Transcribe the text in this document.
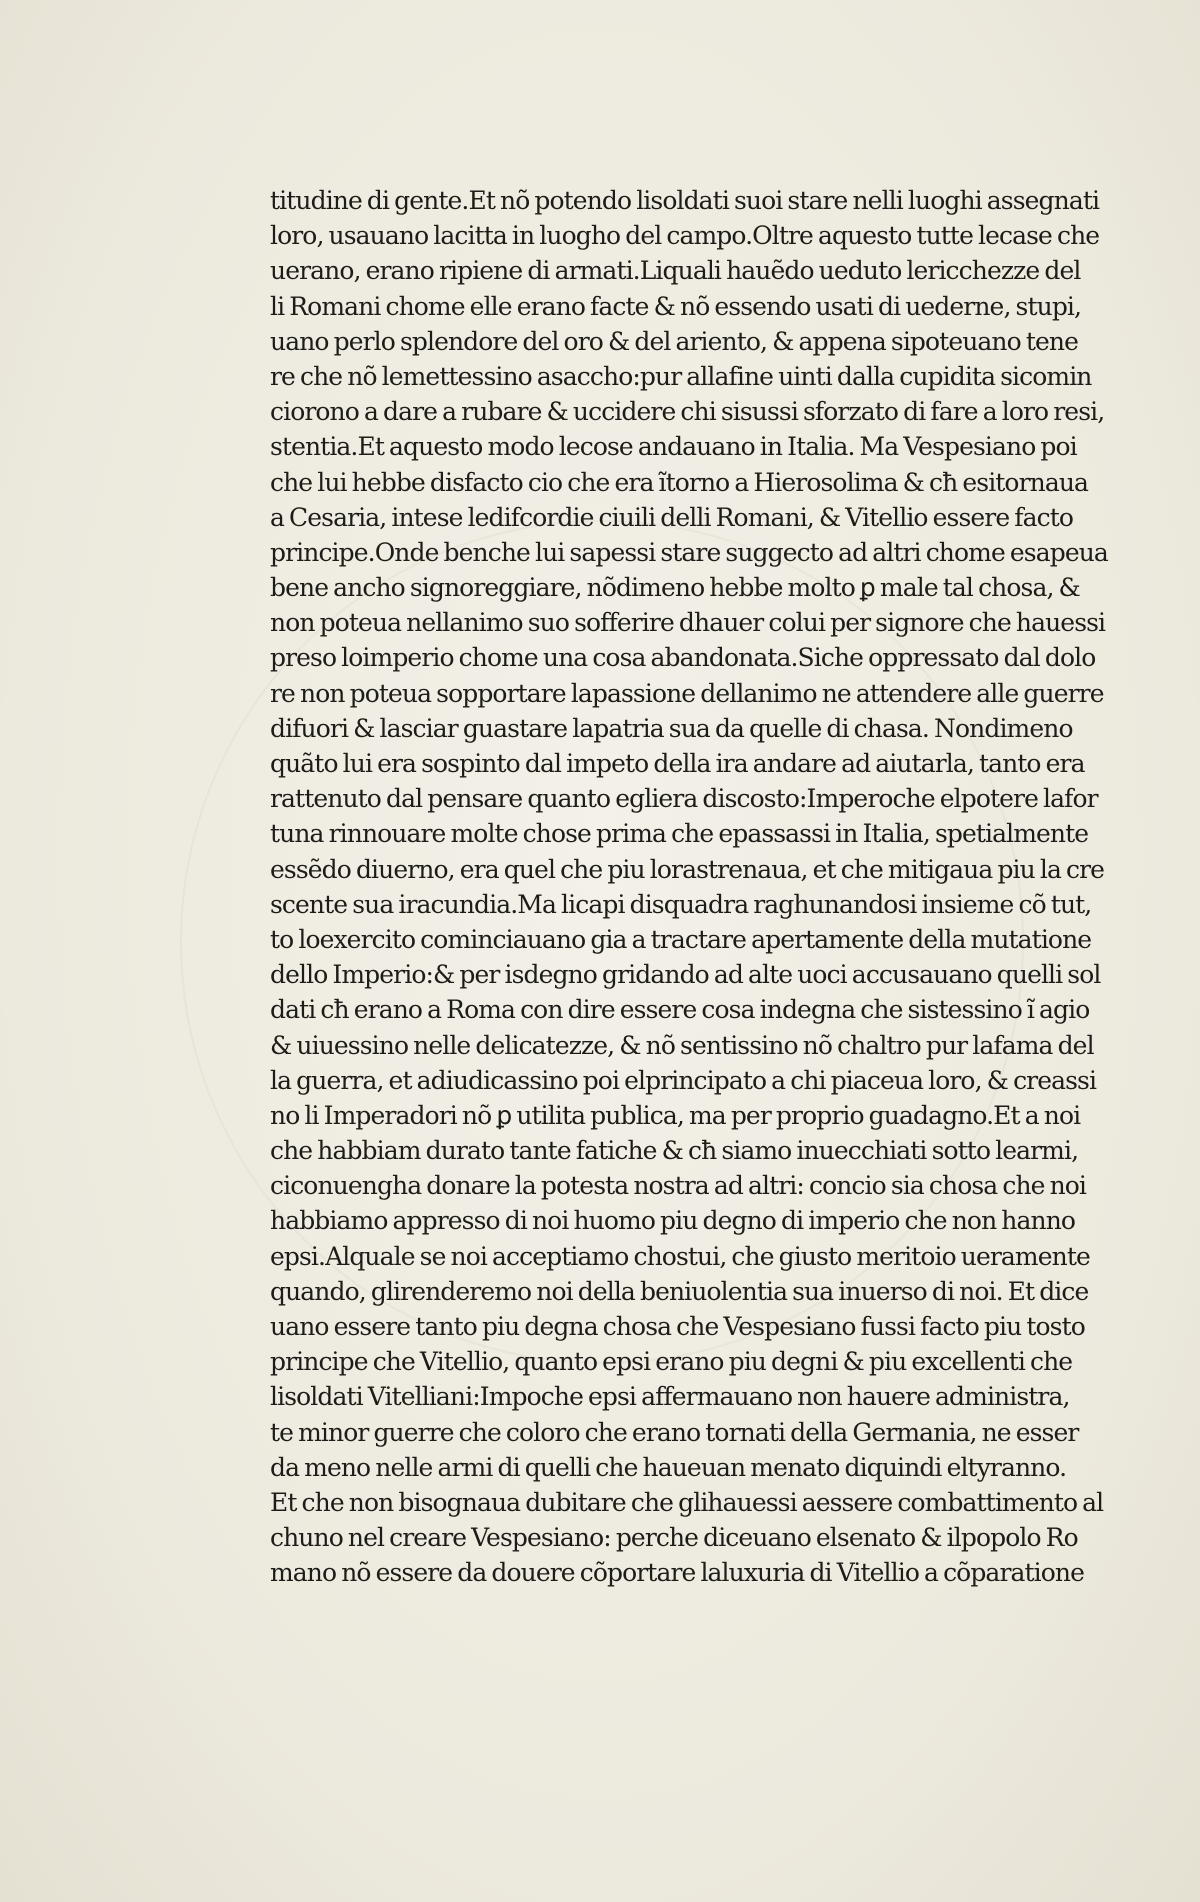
titudine di gente.Et nõ potendo lisoldati suoi stare nelli luoghi assegnati
loro, usauano lacitta in luogho del campo.Oltre aquesto tutte lecase che
uerano, erano ripiene di armati.Liquali hauẽdo ueduto lericchezze del
li Romani chome elle erano facte & nõ essendo usati di uederne, stupi,
uano perlo splendore del oro & del ariento, & appena sipoteuano tene
re che nõ lemettessino asaccho:pur allafine uinti dalla cupidita sicomin
ciorono a dare a rubare & uccidere chi sisussi sforzato di fare a loro resi,
stentia.Et aquesto modo lecose andauano in Italia. Ma Vespesiano poi
che lui hebbe disfacto cio che era ĩtorno a Hierosolima & cħ esitornaua
a Cesaria, intese ledifcordie ciuili delli Romani, & Vitellio essere facto
principe.Onde benche lui sapessi stare suggecto ad altri chome esapeua
bene ancho signoreggiare, nõdimeno hebbe molto ꝑ male tal chosa, &
non poteua nellanimo suo sofferire dhauer colui per signore che hauessi
preso loimperio chome una cosa abandonata.Siche oppressato dal dolo
re non poteua sopportare lapassione dellanimo ne attendere alle guerre
difuori & lasciar guastare lapatria sua da quelle di chasa. Nondimeno
quãto lui era sospinto dal impeto della ira andare ad aiutarla, tanto era
rattenuto dal pensare quanto egliera discosto:Imperoche elpotere lafor
tuna rinnouare molte chose prima che epassassi in Italia, spetialmente
essẽdo diuerno, era quel che piu lorastrenaua, et che mitigaua piu la cre
scente sua iracundia.Ma licapi disquadra raghunandosi insieme cõ tut,
to loexercito cominciauano gia a tractare apertamente della mutatione
dello Imperio:& per isdegno gridando ad alte uoci accusauano quelli sol
dati cħ erano a Roma con dire essere cosa indegna che sistessino ĩ agio
& uiuessino nelle delicatezze, & nõ sentissino nõ chaltro pur lafama del
la guerra, et adiudicassino poi elprincipato a chi piaceua loro, & creassi
no li Imperadori nõ ꝑ utilita publica, ma per proprio guadagno.Et a noi
che habbiam durato tante fatiche & cħ siamo inuecchiati sotto learmi,
ciconuengha donare la potesta nostra ad altri: concio sia chosa che noi
habbiamo appresso di noi huomo piu degno di imperio che non hanno
epsi.Alquale se noi acceptiamo chostui, che giusto meritoio ueramente
quando, glirenderemo noi della beniuolentia sua inuerso di noi. Et dice
uano essere tanto piu degna chosa che Vespesiano fussi facto piu tosto
principe che Vitellio, quanto epsi erano piu degni & piu excellenti che
lisoldati Vitelliani:Impoche epsi affermauano non hauere administra,
te minor guerre che coloro che erano tornati della Germania, ne esser
da meno nelle armi di quelli che haueuan menato diquindi eltyranno.
Et che non bisognaua dubitare che glihauessi aessere combattimento al
chuno nel creare Vespesiano: perche diceuano elsenato & ilpopolo Ro
mano nõ essere da douere cõportare laluxuria di Vitellio a cõparatione
